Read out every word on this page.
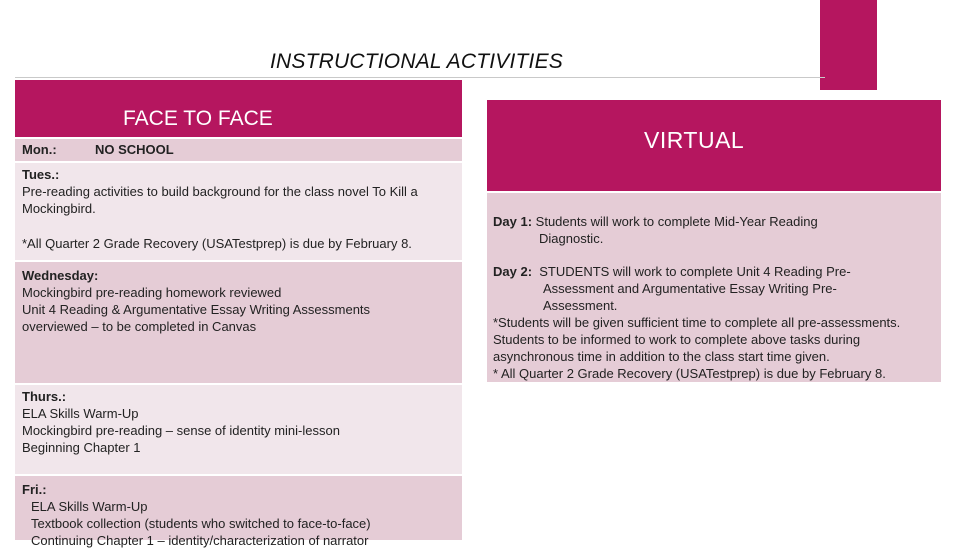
INSTRUCTIONAL ACTIVITIES
FACE TO FACE
Mon.:	NO SCHOOL
Tues.:
Pre-reading activities to build background for the class novel To Kill a
Mockingbird.
*All Quarter 2 Grade Recovery (USATestprep) is due by February 8.
Wednesday:
Mockingbird pre-reading homework reviewed
Unit 4 Reading & Argumentative Essay Writing Assessments
overviewed – to be completed in Canvas
Thurs.:
ELA Skills Warm-Up
Mockingbird pre-reading – sense of identity mini-lesson
Beginning Chapter 1
Fri.:
ELA Skills Warm-Up
Textbook collection (students who switched to face-to-face)
Continuing Chapter 1 – identity/characterization of narrator
VIRTUAL
Day 1: Students will work to complete Mid-Year Reading
Diagnostic.
Day 2: STUDENTS will work to complete Unit 4 Reading Pre-
Assessment and Argumentative Essay Writing Pre-
Assessment.
*Students will be given sufficient time to complete all pre-assessments.
Students to be informed to work to complete above tasks during
asynchronous time in addition to the class start time given.
* All Quarter 2 Grade Recovery (USATestprep) is due by February 8.
